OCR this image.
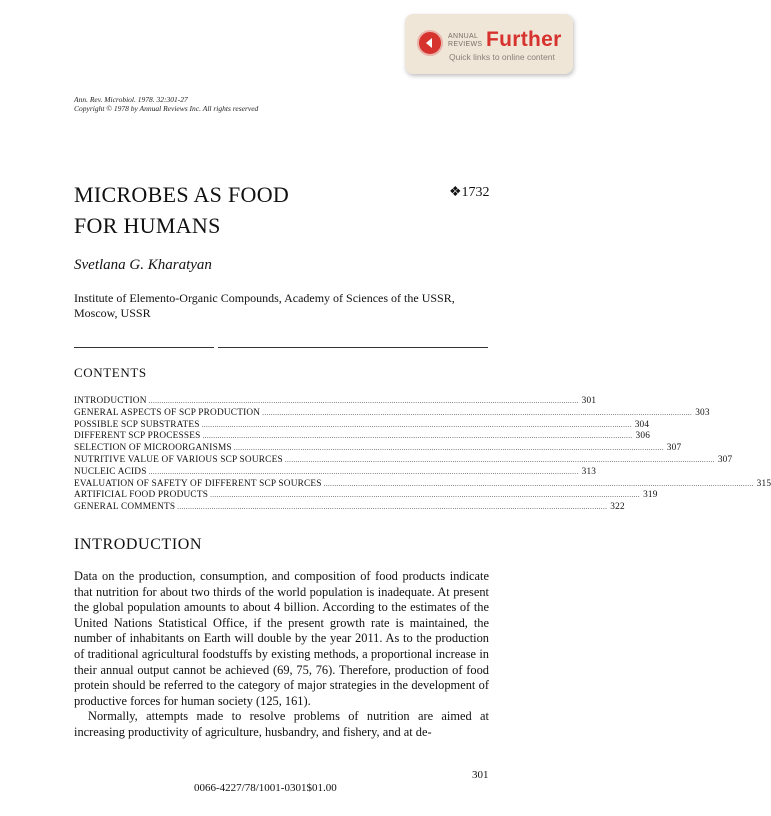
ANNUAL
REVIEWS Further
Quick links to online content
Ann. Rev. Microbiol. 1978. 32:301-27
Copyright © 1978 by Annual Reviews Inc. All rights reserved
MICROBES AS FOOD
FOR HUMANS
❖1732
Svetlana G. Kharatyan
Institute of Elemento-Organic Compounds, Academy of Sciences of the USSR,
Moscow, USSR
CONTENTS
INTRODUCTION ........................................................................................................................................................................................................ 301
GENERAL ASPECTS OF SCP PRODUCTION ........................................................................................................................................................................................................ 303
POSSIBLE SCP SUBSTRATES ........................................................................................................................................................................................................ 304
DIFFERENT SCP PROCESSES ........................................................................................................................................................................................................ 306
SELECTION OF MICROORGANISMS ........................................................................................................................................................................................................ 307
NUTRITIVE VALUE OF VARIOUS SCP SOURCES ........................................................................................................................................................................................................ 307
NUCLEIC ACIDS ........................................................................................................................................................................................................ 313
EVALUATION OF SAFETY OF DIFFERENT SCP SOURCES ........................................................................................................................................................................................................ 315
ARTIFICIAL FOOD PRODUCTS ........................................................................................................................................................................................................ 319
GENERAL COMMENTS ........................................................................................................................................................................................................ 322
INTRODUCTION

Data on the production, consumption, and composition of food products indicate that nutrition for about two thirds of the world population is inadequate. At present the global population amounts to about 4 billion. According to the estimates of the United Nations Statistical Office, if the present growth rate is maintained, the number of inhabitants on Earth will double by the year 2011. As to the production of traditional agricultural foodstuffs by existing methods, a proportional increase in their annual output cannot be achieved (69, 75, 76). Therefore, production of food protein should be referred to the category of major strategies in the development of productive forces for human society (125, 161).

Normally, attempts made to resolve problems of nutrition are aimed at increasing productivity of agriculture, husbandry, and fishery, and at de-

301
0066-4227/78/1001-0301$01.00
